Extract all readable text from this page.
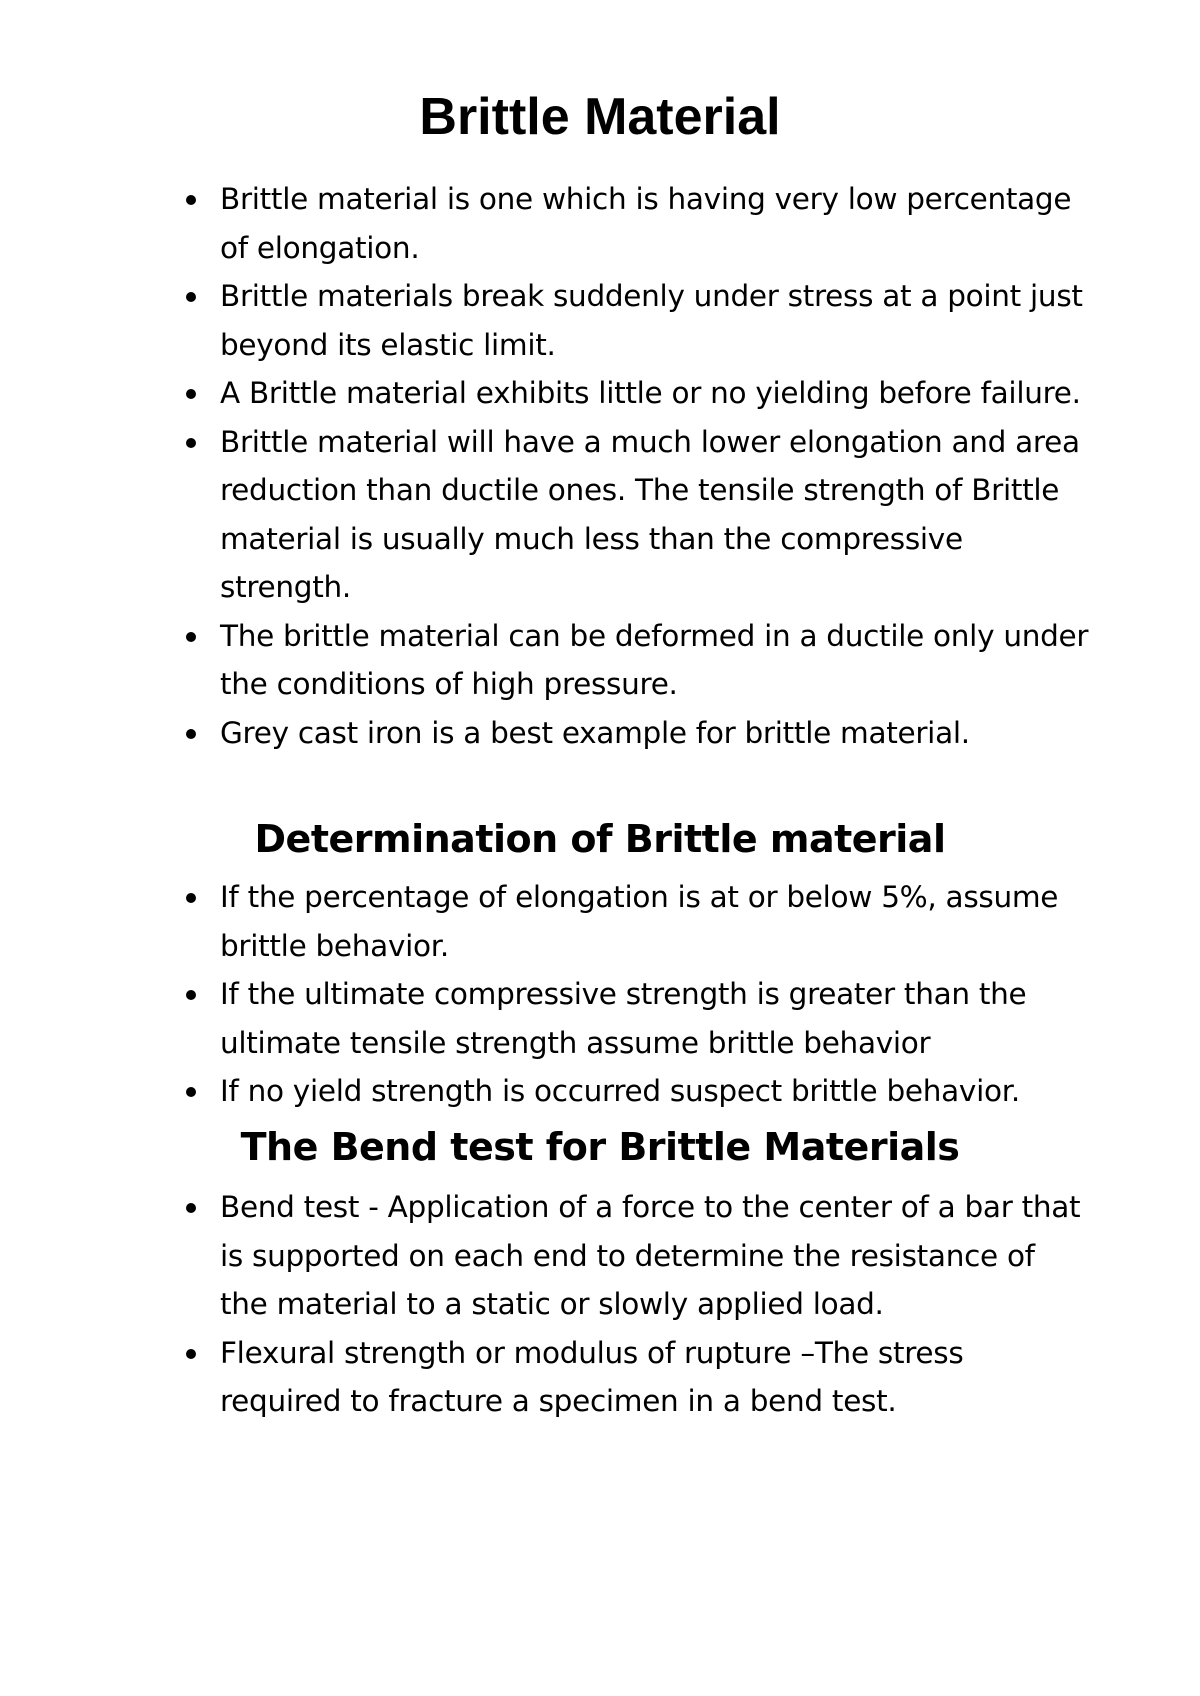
Brittle Material
Brittle material is one which is having very low percentage of elongation.
Brittle materials break suddenly under stress at a point just beyond its elastic limit.
A Brittle material exhibits little or no yielding before failure.
Brittle material will have a much lower elongation and area reduction than ductile ones. The tensile strength of Brittle material is usually much less than the compressive strength.
The brittle material can be deformed in a ductile only under the conditions of high pressure.
Grey cast iron is a best example for brittle material.
Determination of Brittle material
If the percentage of elongation is at or below 5%, assume brittle behavior.
If the ultimate compressive strength is greater than the ultimate tensile strength assume brittle behavior
If no yield strength is occurred suspect brittle behavior.
The Bend test for Brittle Materials
Bend test - Application of a force to the center of a bar that is supported on each end to determine the resistance of the material to a static or slowly applied load.
Flexural strength or modulus of rupture –The stress required to fracture a specimen in a bend test.
